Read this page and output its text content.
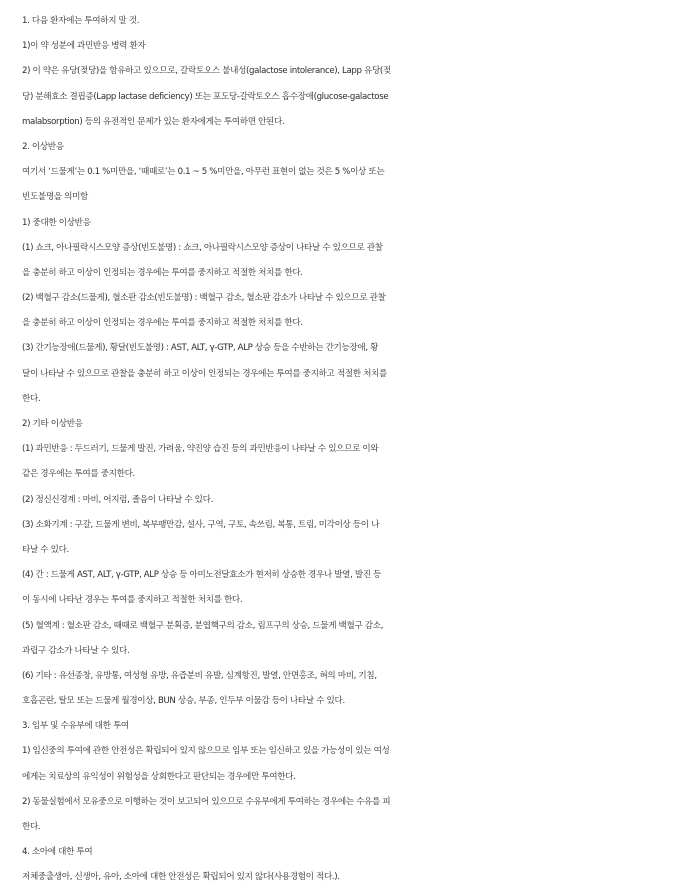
1. 다음 환자에는 투여하지 말 것.
1)이 약 성분에 과민반응 병력 환자
2) 이 약은 유당(젖당)을 함유하고 있으므로, 갈락토오스 불내성(galactose intolerance), Lapp 유당(젖
당) 분해효소 결핍증(Lapp lactase deficiency) 또는 포도당-갈락토오스 흡수장애(glucose-galactose
malabsorption) 등의 유전적인 문제가 있는 환자에게는 투여하면 안된다.
2. 이상반응
여기서 ‘드물게’는 0.1 %미만을, ‘때때로’는 0.1 ~ 5 %미만을, 아무런 표현이 없는 것은 5 %이상 또는
빈도불명을 의미함
1) 중대한 이상반응
(1) 쇼크, 아나필락시스모양 증상(빈도불명) : 쇼크, 아나필락시스모양 증상이 나타날 수 있으므로 관찰
을 충분히 하고 이상이 인정되는 경우에는 투여를 중지하고 적절한 처치를 한다.
(2) 백혈구 감소(드물게), 혈소판 감소(빈도불명) : 백혈구 감소, 혈소판 감소가 나타날 수 있으므로 관찰
을 충분히 하고 이상이 인정되는 경우에는 투여를 중지하고 적절한 처치를 한다.
(3) 간기능장애(드물게), 황달(빈도불명) : AST, ALT, γ-GTP, ALP 상승 등을 수반하는 간기능장애, 황
달이 나타날 수 있으므로 관찰을 충분히 하고 이상이 인정되는 경우에는 투여를 중지하고 적절한 처치를
한다.
2) 기타 이상반응
(1) 과민반응 : 두드러기, 드물게 발진, 가려움, 약진양 습진 등의 과민반응이 나타날 수 있으므로 이와
같은 경우에는 투여를 중지한다.
(2) 정신신경계 : 마비, 어지럼, 졸음이 나타날 수 있다.
(3) 소화기계 : 구갈, 드물게 변비, 복부팽만감, 설사, 구역, 구토, 속쓰림, 복통, 트림, 미각이상 등이 나
타날 수 있다.
(4) 간 : 드물게 AST, ALT, γ-GTP, ALP 상승 등 아미노전달효소가 현저히 상승한 경우나 발열, 발진 등
이 동시에 나타난 경우는 투여를 중지하고 적절한 처치를 한다.
(5) 혈액계 : 혈소판 감소, 때때로 백혈구 분획증, 분엽핵구의 감소, 림프구의 상승, 드물게 백혈구 감소,
과립구 감소가 나타날 수 있다.
(6) 기타 : 유선종창, 유방통, 여성형 유방, 유즙분비 유발, 심계항진, 발열, 안면홍조, 혀의 마비, 기침,
호흡곤란, 탈모 또는 드물게 월경이상, BUN 상승, 부종, 인두부 이물감 등이 나타날 수 있다.
3. 임부 및 수유부에 대한 투여
1) 임신중의 투여에 관한 안전성은 확립되어 있지 않으므로 임부 또는 임신하고 있을 가능성이 있는 여성
에게는 치료상의 유익성이 위험성을 상회한다고 판단되는 경우에만 투여한다.
2) 동물실험에서 모유중으로 이행하는 것이 보고되어 있으므로 수유부에게 투여하는 경우에는 수유를 피
한다.
4. 소아에 대한 투여
저체중출생아, 신생아, 유아, 소아에 대한 안전성은 확립되어 있지 않다(사용경험이 적다.).
